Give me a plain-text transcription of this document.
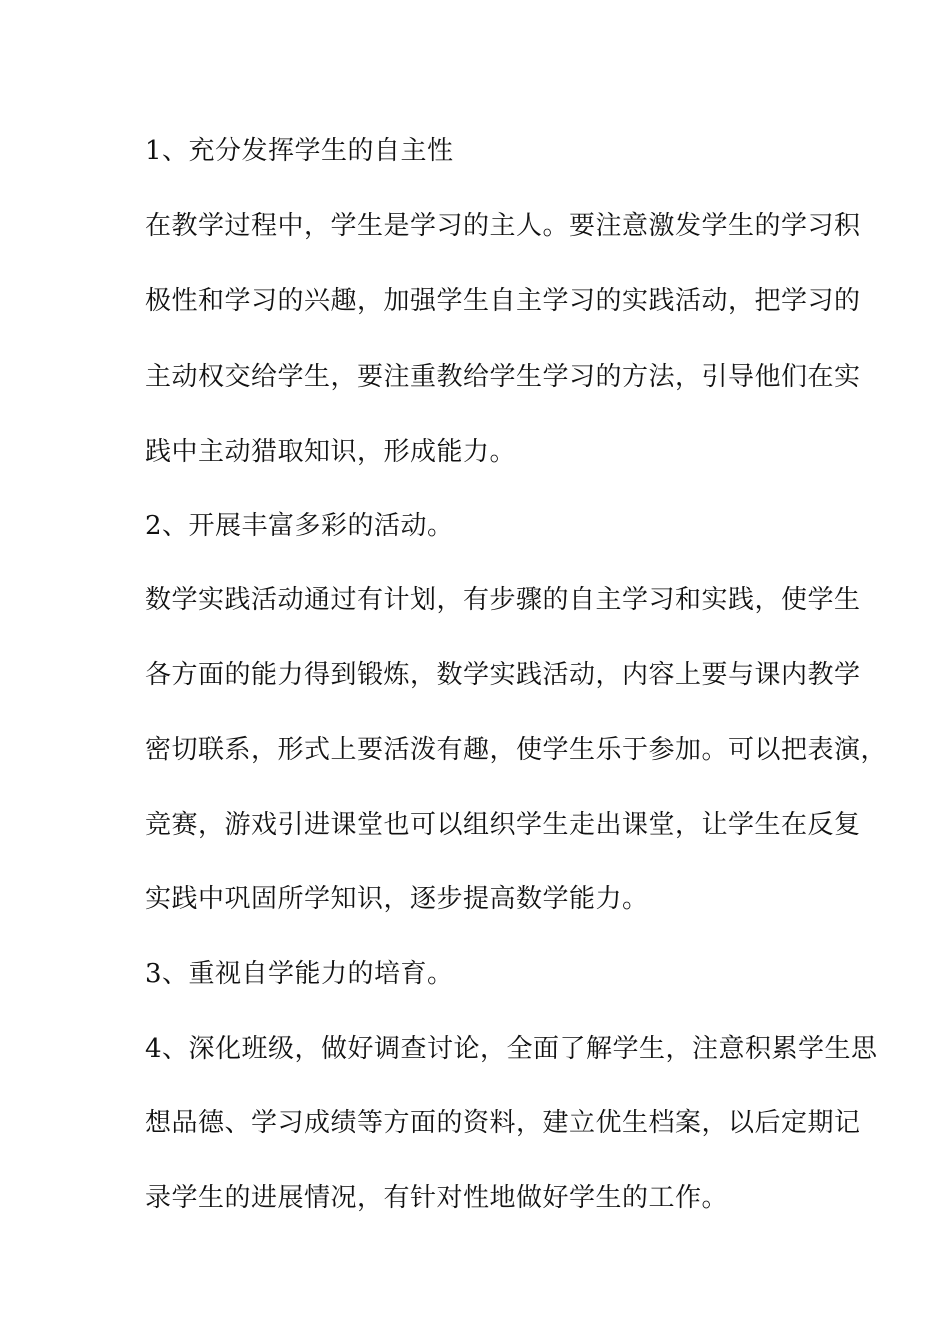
1、充分发挥学生的自主性
在教学过程中，学生是学习的主人。要注意激发学生的学习积
极性和学习的兴趣，加强学生自主学习的实践活动，把学习的
主动权交给学生，要注重教给学生学习的方法，引导他们在实
践中主动猎取知识，形成能力。
2、开展丰富多彩的活动。
数学实践活动通过有计划，有步骤的自主学习和实践，使学生
各方面的能力得到锻炼，数学实践活动，内容上要与课内教学
密切联系，形式上要活泼有趣，使学生乐于参加。可以把表演，
竞赛，游戏引进课堂也可以组织学生走出课堂，让学生在反复
实践中巩固所学知识，逐步提高数学能力。
3、重视自学能力的培育。
4、深化班级，做好调查讨论，全面了解学生，注意积累学生思
想品德、学习成绩等方面的资料，建立优生档案，以后定期记
录学生的进展情况，有针对性地做好学生的工作。
